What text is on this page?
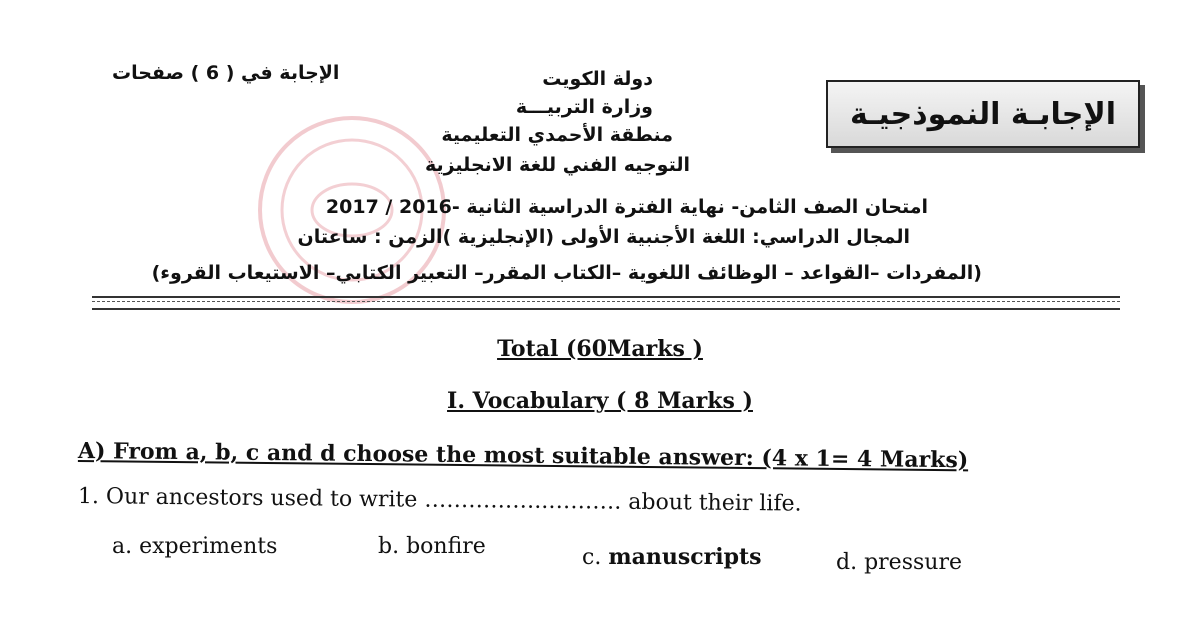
الإجابة في ( 6 ) صفحات
الإجابـة النموذجيـة
دولة الكويت
وزارة التربيـــة
منطقة الأحمدي التعليمية
التوجيه الفني للغة الانجليزية
امتحان الصف الثامن- نهاية الفترة الدراسية الثانية -2016 / 2017
المجال الدراسي: اللغة الأجنبية الأولى (الإنجليزية )الزمن : ساعتان
(المفردات –القواعد – الوظائف اللغوية –الكتاب المقرر– التعبير الكتابي– الاستيعاب القروء)
Total (60Marks )
I. Vocabulary ( 8 Marks )
A) From a, b, c and d choose the most suitable answer: (4 x 1= 4 Marks)
1. Our ancestors used to write ……………..………. about their life.
a. experiments	b. bonfire	c. manuscripts	d. pressure
